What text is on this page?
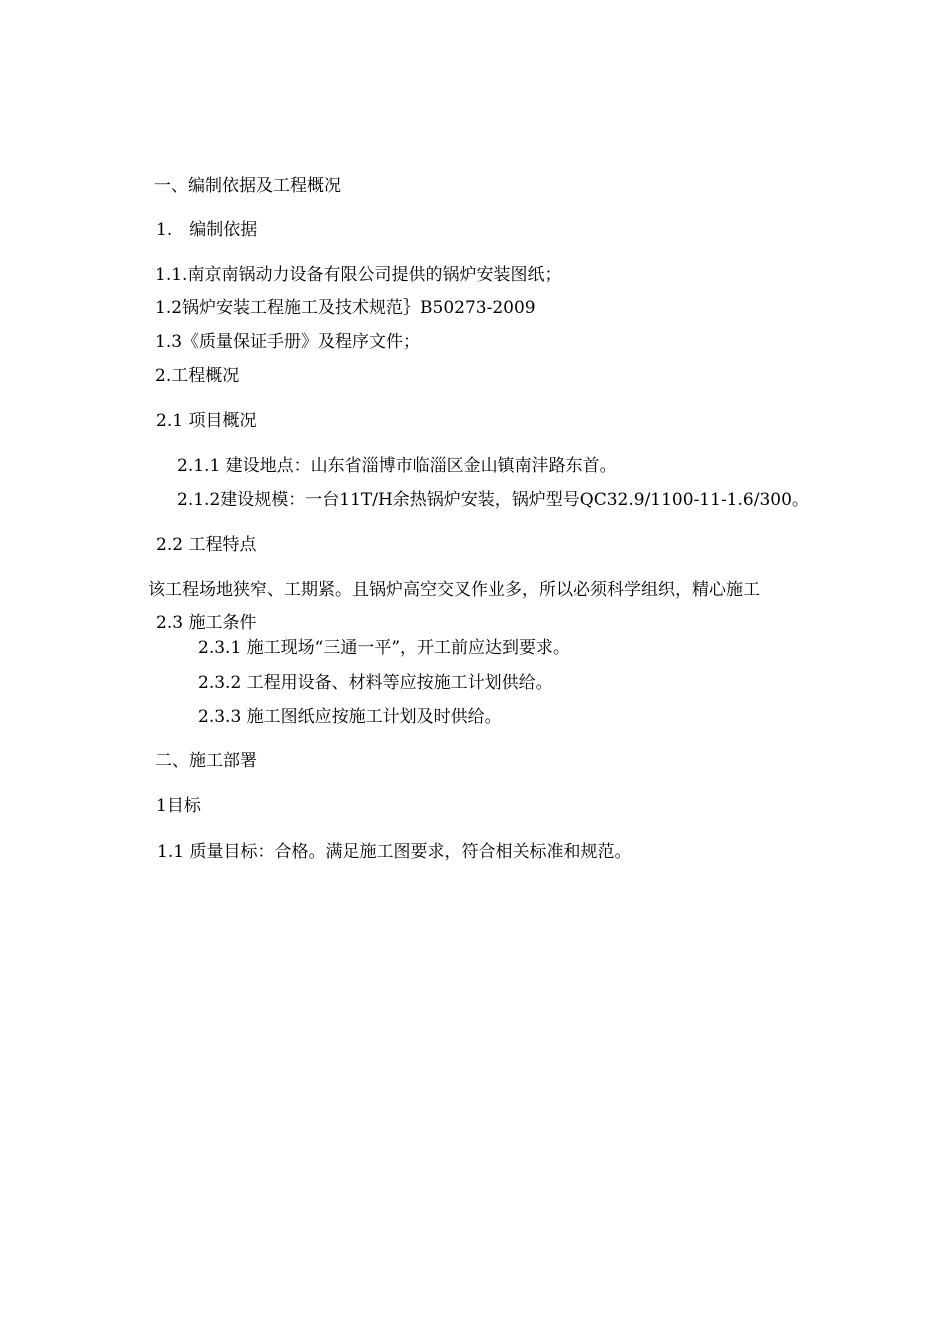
一、编制依据及工程概况
1.　编制依据
1.1.南京南锅动力设备有限公司提供的锅炉安装图纸；
1.2锅炉安装工程施工及技术规范｝B50273-2009
1.3《质量保证手册》及程序文件；
2.工程概况
2.1 项目概况
2.1.1 建设地点：山东省淄博市临淄区金山镇南沣路东首。
2.1.2建设规模：一台11T/H余热锅炉安装，锅炉型号QC32.9/1100-11-1.6/300。
2.2 工程特点
该工程场地狭窄、工期紧。且锅炉高空交叉作业多，所以必须科学组织，精心施工
2.3 施工条件
2.3.1 施工现场“三通一平”，开工前应达到要求。
2.3.2 工程用设备、材料等应按施工计划供给。
2.3.3 施工图纸应按施工计划及时供给。
二、施工部署
1目标
1.1 质量目标：合格。满足施工图要求，符合相关标准和规范。
